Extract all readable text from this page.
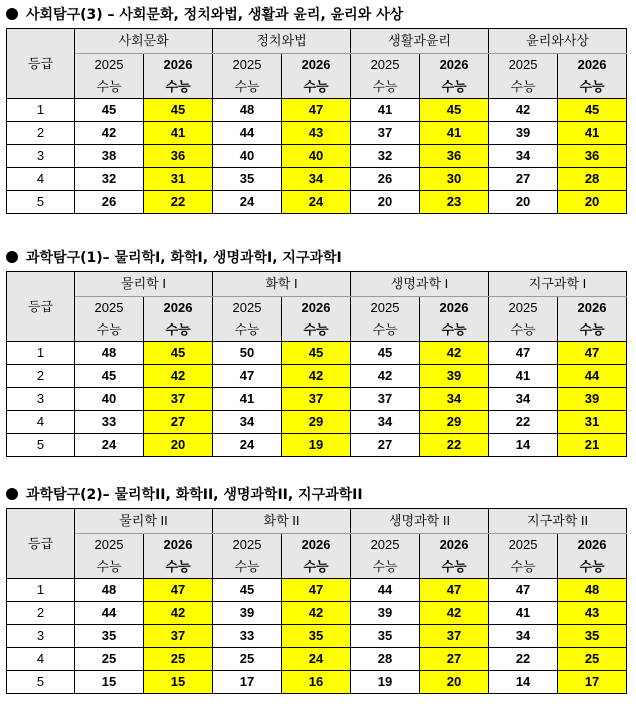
사회탐구(3) – 사회문화, 정치와법, 생활과 윤리, 윤리와 사상
등급	사회문화		정치와법		생활과윤리		윤리와사상	
	2025	2026	2025	2026	2025	2026	2025	2026
	수능	수능	수능	수능	수능	수능	수능	수능
1	45	45	48	47	41	45	42	45
2	42	41	44	43	37	41	39	41
3	38	36	40	40	32	36	34	36
4	32	31	35	34	26	30	27	28
5	26	22	24	24	20	23	20	20
과학탐구(1)– 물리학I, 화학I, 생명과학I, 지구과학I
등급	물리학 I		화학 I		생명과학 I		지구과학 I	
	2025	2026	2025	2026	2025	2026	2025	2026
	수능	수능	수능	수능	수능	수능	수능	수능
1	48	45	50	45	45	42	47	47
2	45	42	47	42	42	39	41	44
3	40	37	41	37	37	34	34	39
4	33	27	34	29	34	29	22	31
5	24	20	24	19	27	22	14	21
과학탐구(2)– 물리학II, 화학II, 생명과학II, 지구과학II
등급	물리학 II		화학 II		생명과학 II		지구과학 II	
	2025	2026	2025	2026	2025	2026	2025	2026
	수능	수능	수능	수능	수능	수능	수능	수능
1	48	47	45	47	44	47	47	48
2	44	42	39	42	39	42	41	43
3	35	37	33	35	35	37	34	35
4	25	25	25	24	28	27	22	25
5	15	15	17	16	19	20	14	17
